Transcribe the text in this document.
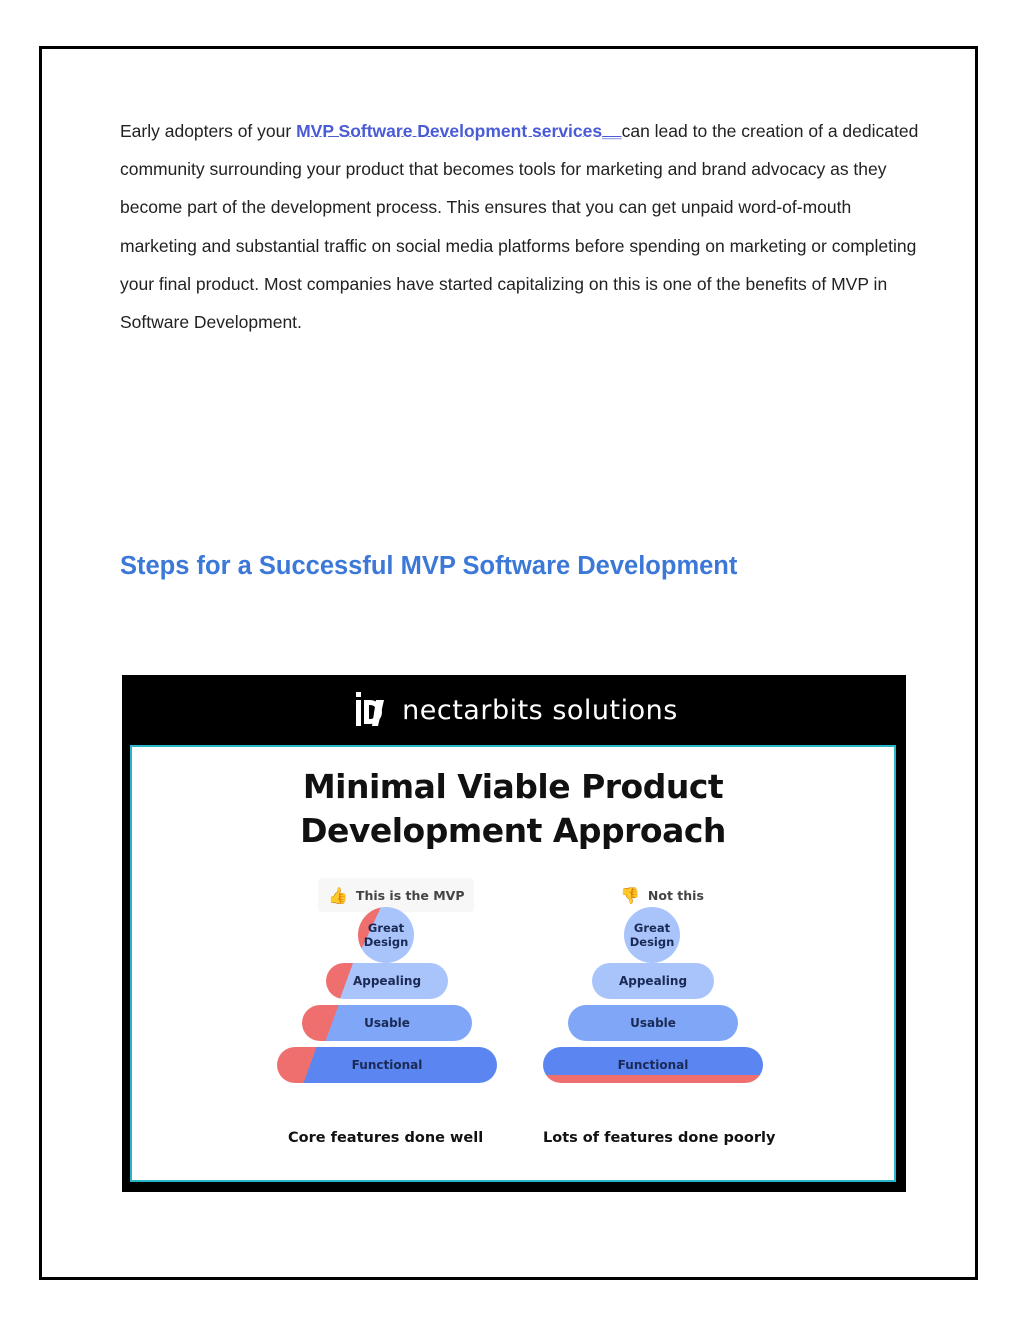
Early adopters of your MVP Software Development services__can lead to the creation of a dedicated community surrounding your product that becomes tools for marketing and brand advocacy as they become part of the development process. This ensures that you can get unpaid word-of-mouth marketing and substantial traffic on social media platforms before spending on marketing or completing your final product. Most companies have started capitalizing on this is one of the benefits of MVP in Software Development.

Steps for a Successful MVP Software Development
nectarbits solutions
Minimal Viable Product
Development Approach
👍 This is the MVP	👎 Not this
Great
Design
Appealing
Usable
Functional
Core features done well
Great
Design
Appealing
Usable
Functional
Lots of features done poorly
